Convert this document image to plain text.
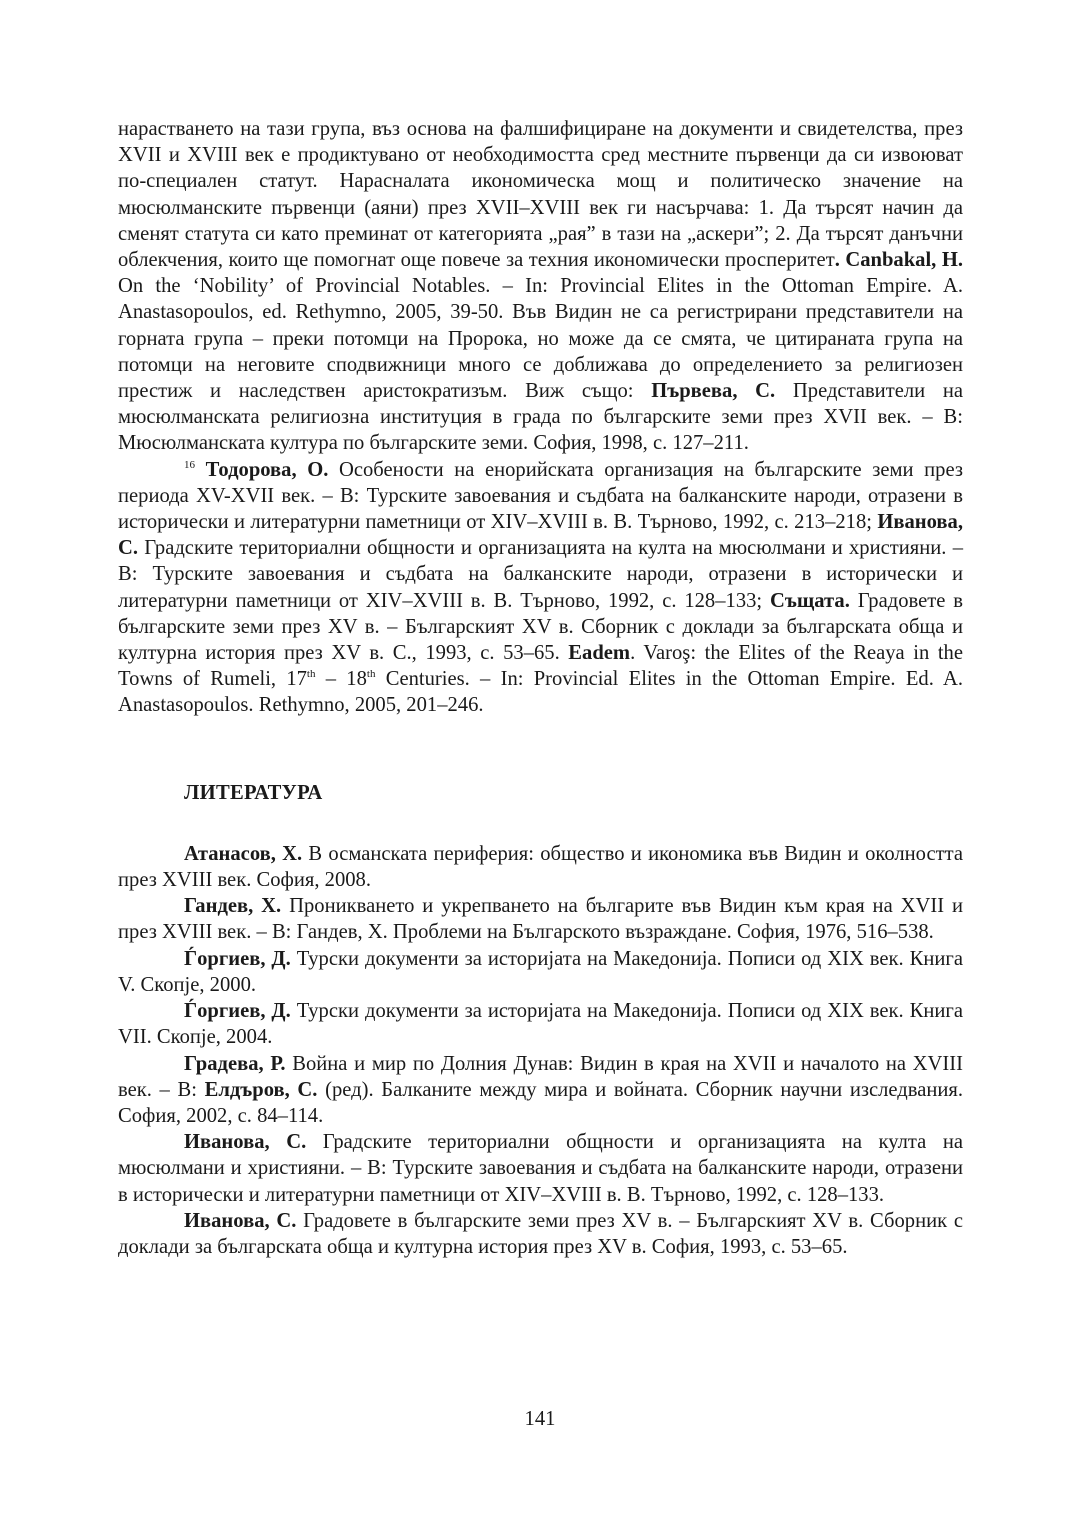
нарастването на тази група, въз основа на фалшифициране на документи и свидетелства, през XVII и XVIII век е продиктувано от необходимостта сред местните първенци да си извоюват по-специален статут. Нарасналата икономическа мощ и политическо значение на мюсюлманските първенци (аяни) през XVII–XVIII век ги насърчава: 1. Да търсят начин да сменят статута си като преминат от категорията „рая” в тази на „аскери”; 2. Да търсят данъчни облекчения, които ще помогнат още повече за техния икономически просперитет. Canbakal, H. On the ‘Nobility’ of Provincial Notables. – In: Provincial Elites in the Ottoman Empire. A. Anastasopoulos, ed. Rethymno, 2005, 39-50. Във Видин не са регистрирани представители на горната група – преки потомци на Пророка, но може да се смята, че цитираната група на потомци на неговите сподвижници много се доближава до определението за религиозен престиж и наследствен аристократизъм. Виж също: Първева, С. Представители на мюсюлманската религиозна институция в града по българските земи през XVII век. – В: Мюсюлманската култура по българските земи. София, 1998, с. 127–211.

$^{16}$ Тодорова, О. Особености на енорийската организация на българските земи през периода XV-XVII век. – В: Турските завоевания и съдбата на балканските народи, отразени в исторически и литературни паметници от XIV–XVIII в. В. Търново, 1992, с. 213–218; Иванова, С. Градските териториални общности и организацията на култа на мюсюлмани и християни. – В: Турските завоевания и съдбата на балканските народи, отразени в исторически и литературни паметници от XIV–XVIII в. В. Търново, 1992, с. 128–133; Същата. Градовете в българските земи през XV в. – Българският XV в. Сборник с доклади за българската обща и културна история през XV в. С., 1993, с. 53–65. Eadem. Varoş: the Elites of the Reaya in the Towns of Rumeli, 17th – 18th Centuries. – In: Provincial Elites in the Ottoman Empire. Ed. A. Anastasopoulos. Rethymno, 2005, 201–246.

ЛИТЕРАТУРА

Атанасов, Х. В османската периферия: общество и икономика във Видин и околността през XVIII век. София, 2008.

Гандев, Х. Проникването и укрепването на българите във Видин към края на XVII и през XVIII век. – В: Гандев, Х. Проблеми на Българското възраждане. София, 1976, 516–538.

Ѓоргиев, Д. Турски документи за историјата на Македонија. Пописи од XIX век. Книга V. Скопје, 2000.

Ѓоргиев, Д. Турски документи за историјата на Македонија. Пописи од XIX век. Книга VII. Скопје, 2004.

Градева, Р. Война и мир по Долния Дунав: Видин в края на XVII и началото на XVIII век. – В: Елдъров, С. (ред). Балканите между мира и войната. Сборник научни изследвания. София, 2002, с. 84–114.

Иванова, С. Градските териториални общности и организацията на култа на мюсюлмани и християни. – В: Турските завоевания и съдбата на балканските народи, отразени в исторически и литературни паметници от XIV–XVIII в. В. Търново, 1992, с. 128–133.

Иванова, С. Градовете в българските земи през XV в. – Българският XV в. Сборник с доклади за българската обща и културна история през XV в. София, 1993, с. 53–65.

141
